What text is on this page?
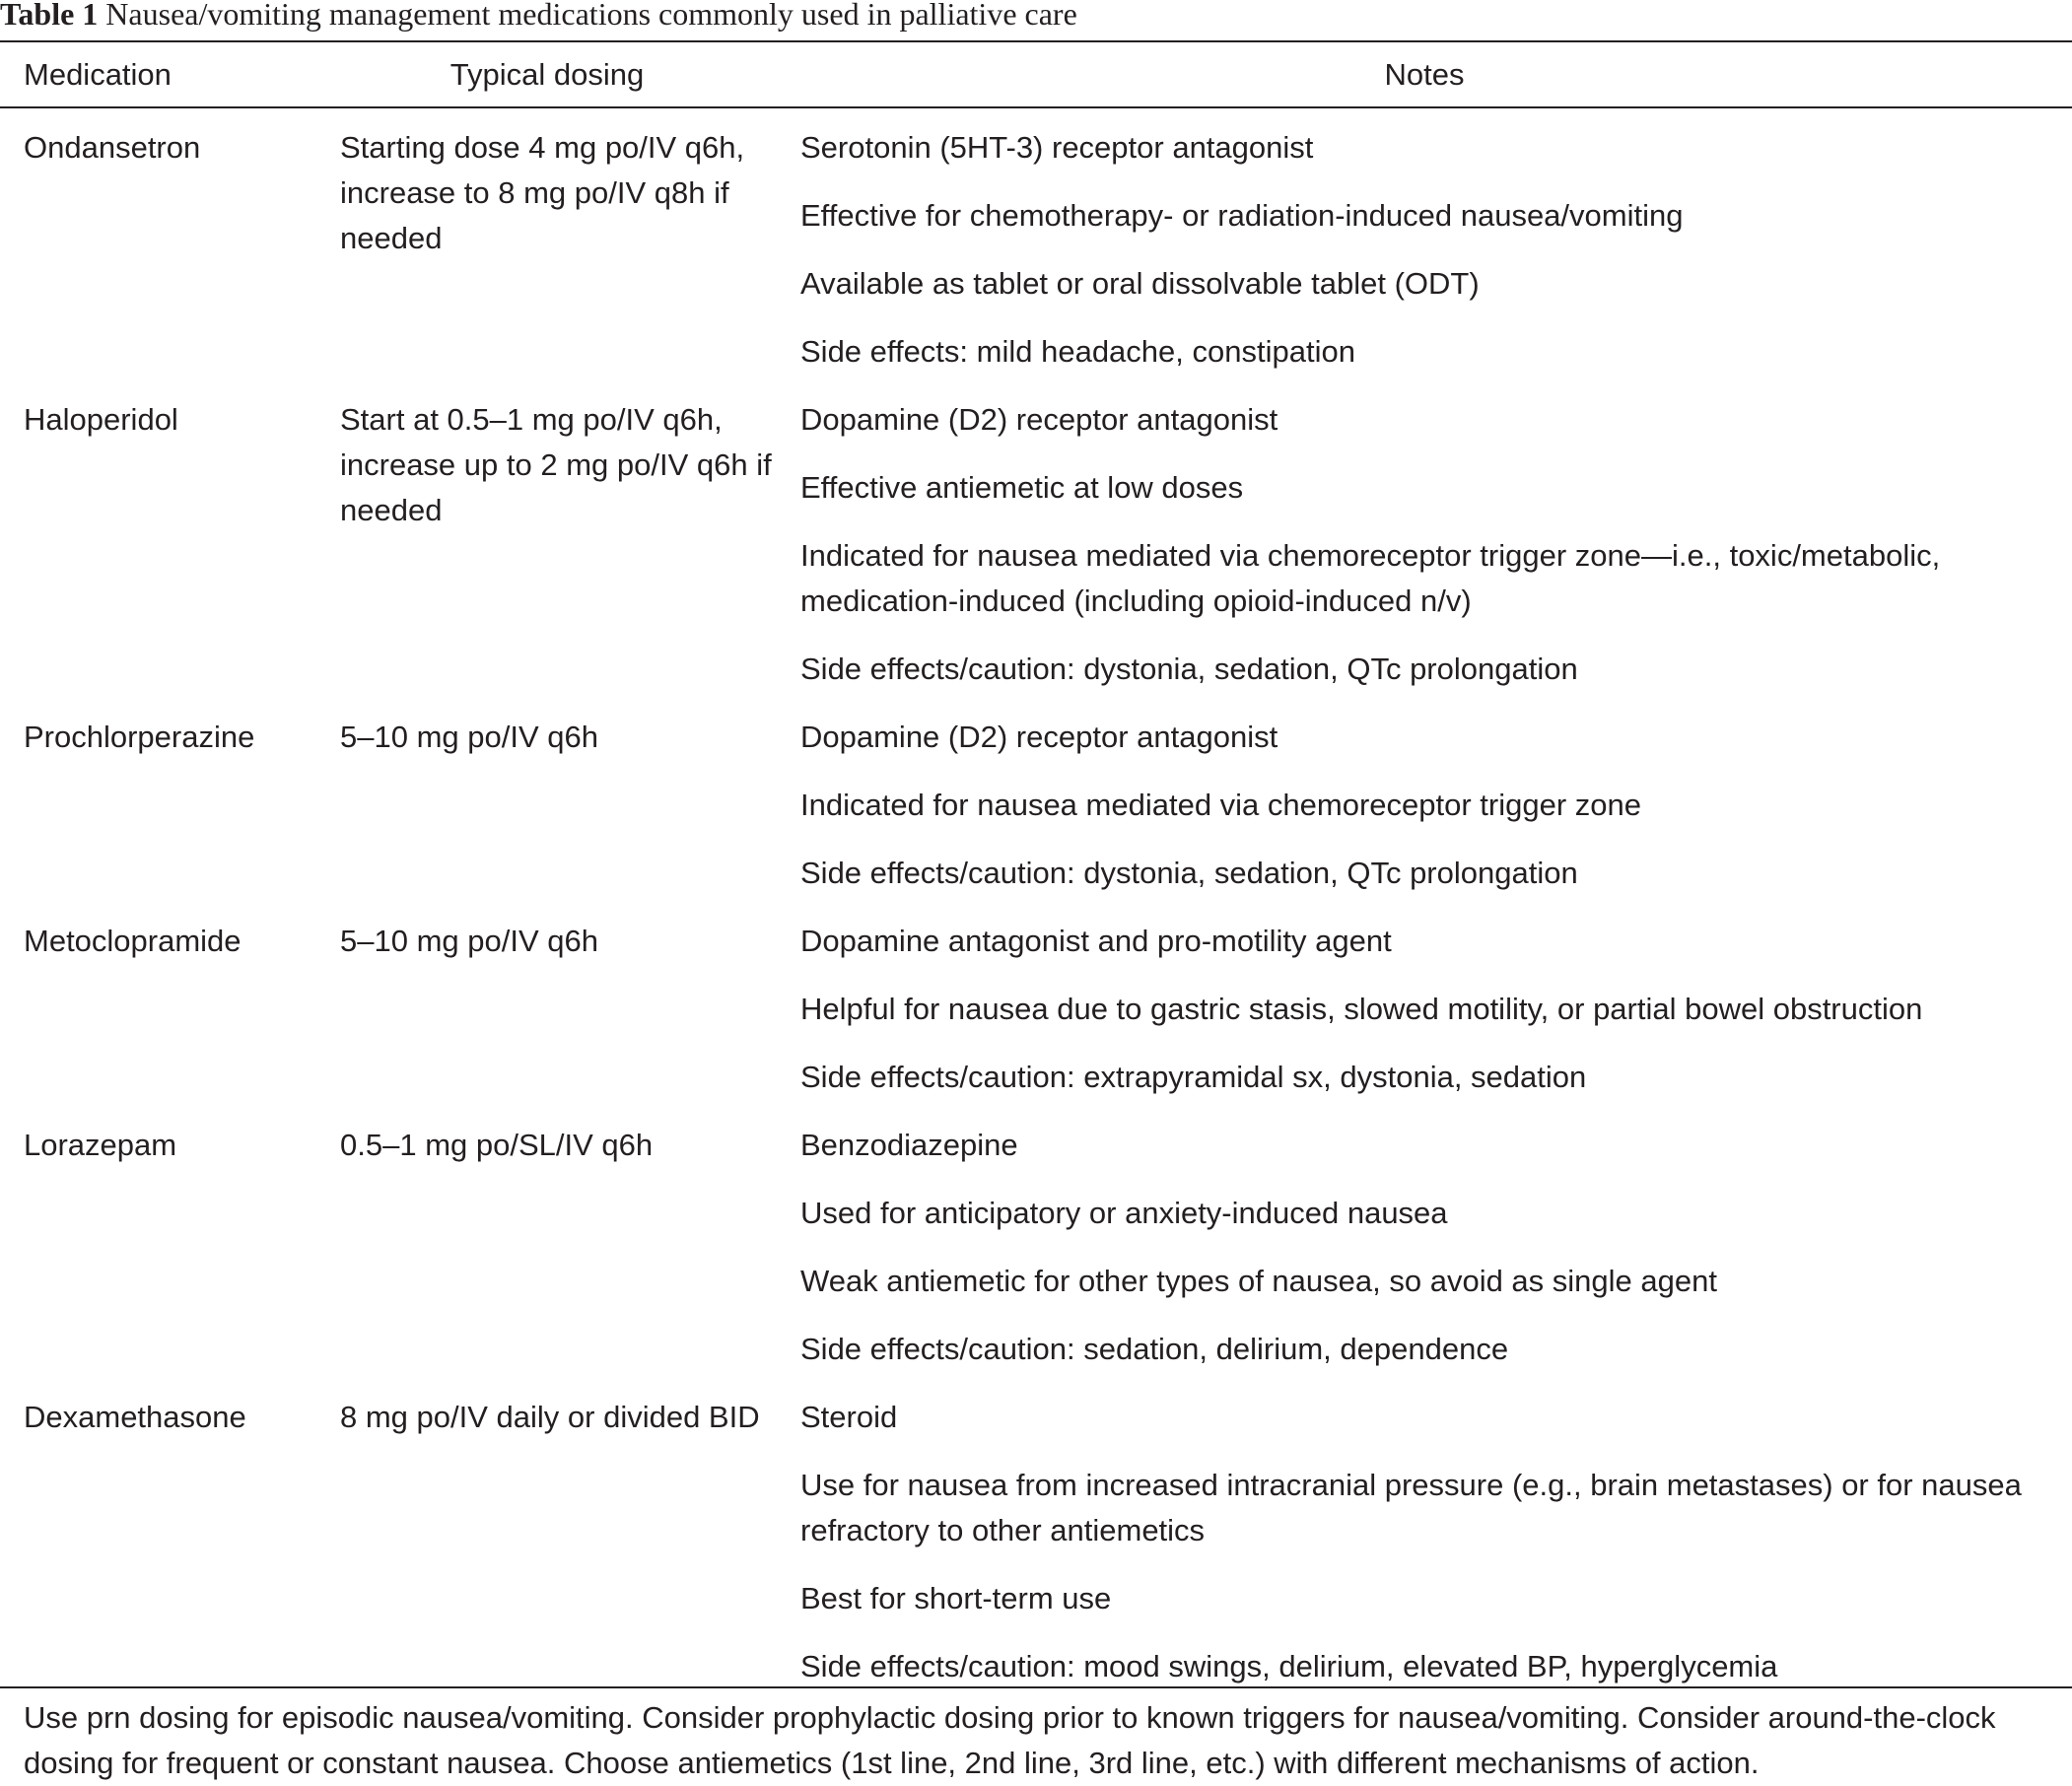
Table 1 Nausea/vomiting management medications commonly used in palliative care
Medication	Typical dosing	Notes
Ondansetron	Starting dose 4 mg po/IV q6h, increase to 8 mg po/IV q8h if needed
Serotonin (5HT-3) receptor antagonist
Effective for chemotherapy- or radiation-induced nausea/vomiting
Available as tablet or oral dissolvable tablet (ODT)
Side effects: mild headache, constipation
Haloperidol	Start at 0.5–1 mg po/IV q6h, increase up to 2 mg po/IV q6h if needed
Dopamine (D2) receptor antagonist
Effective antiemetic at low doses
Indicated for nausea mediated via chemoreceptor trigger zone—i.e., toxic/metabolic, medication-induced (including opioid-induced n/v)
Side effects/caution: dystonia, sedation, QTc prolongation
Prochlorperazine	5–10 mg po/IV q6h	Dopamine (D2) receptor antagonist
Indicated for nausea mediated via chemoreceptor trigger zone
Side effects/caution: dystonia, sedation, QTc prolongation
Metoclopramide	5–10 mg po/IV q6h	Dopamine antagonist and pro-motility agent
Helpful for nausea due to gastric stasis, slowed motility, or partial bowel obstruction
Side effects/caution: extrapyramidal sx, dystonia, sedation
Lorazepam	0.5–1 mg po/SL/IV q6h	Benzodiazepine
Used for anticipatory or anxiety-induced nausea
Weak antiemetic for other types of nausea, so avoid as single agent
Side effects/caution: sedation, delirium, dependence
Dexamethasone	8 mg po/IV daily or divided BID	Steroid
Use for nausea from increased intracranial pressure (e.g., brain metastases) or for nausea refractory to other antiemetics
Best for short-term use
Side effects/caution: mood swings, delirium, elevated BP, hyperglycemia
Use prn dosing for episodic nausea/vomiting. Consider prophylactic dosing prior to known triggers for nausea/vomiting. Consider around-the-clock dosing for frequent or constant nausea. Choose antiemetics (1st line, 2nd line, 3rd line, etc.) with different mechanisms of action.
